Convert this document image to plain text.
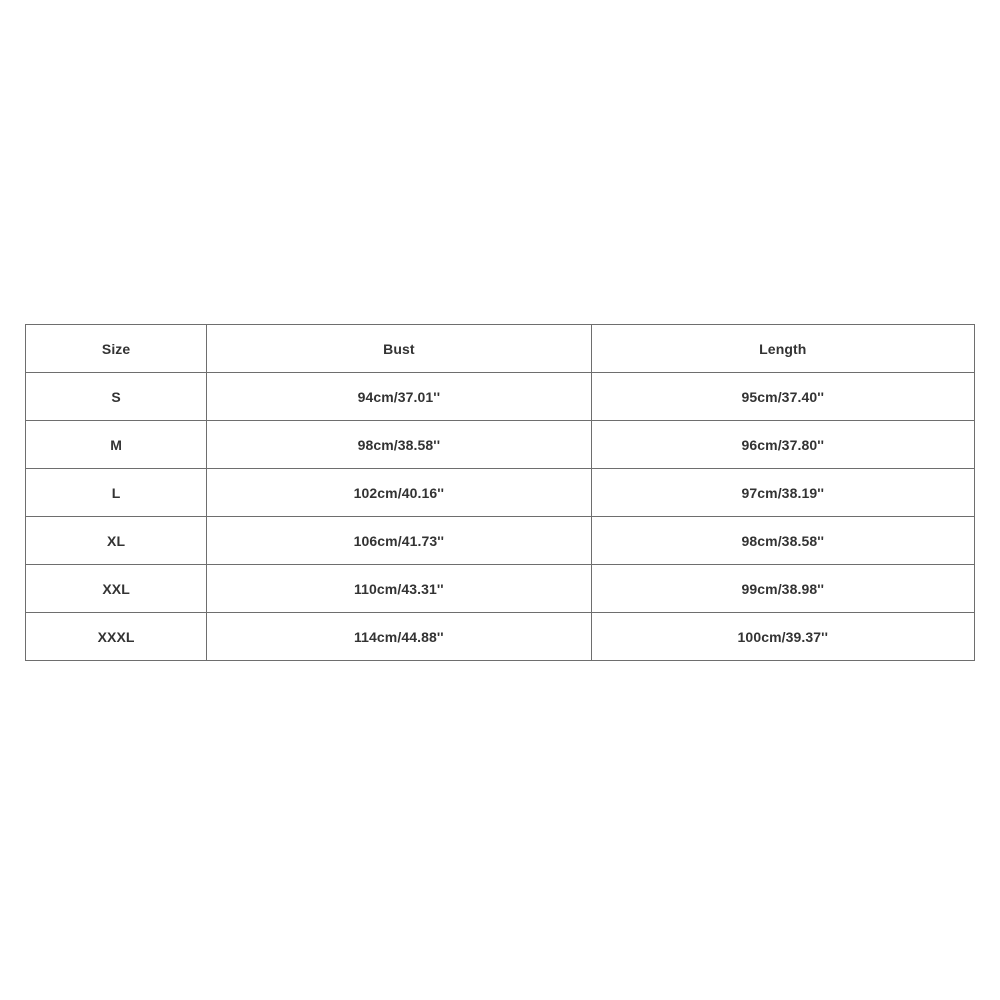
Size	Bust	Length
S	94cm/37.01''	95cm/37.40''
M	98cm/38.58''	96cm/37.80''
L	102cm/40.16''	97cm/38.19''
XL	106cm/41.73''	98cm/38.58''
XXL	110cm/43.31''	99cm/38.98''
XXXL	114cm/44.88''	100cm/39.37''
